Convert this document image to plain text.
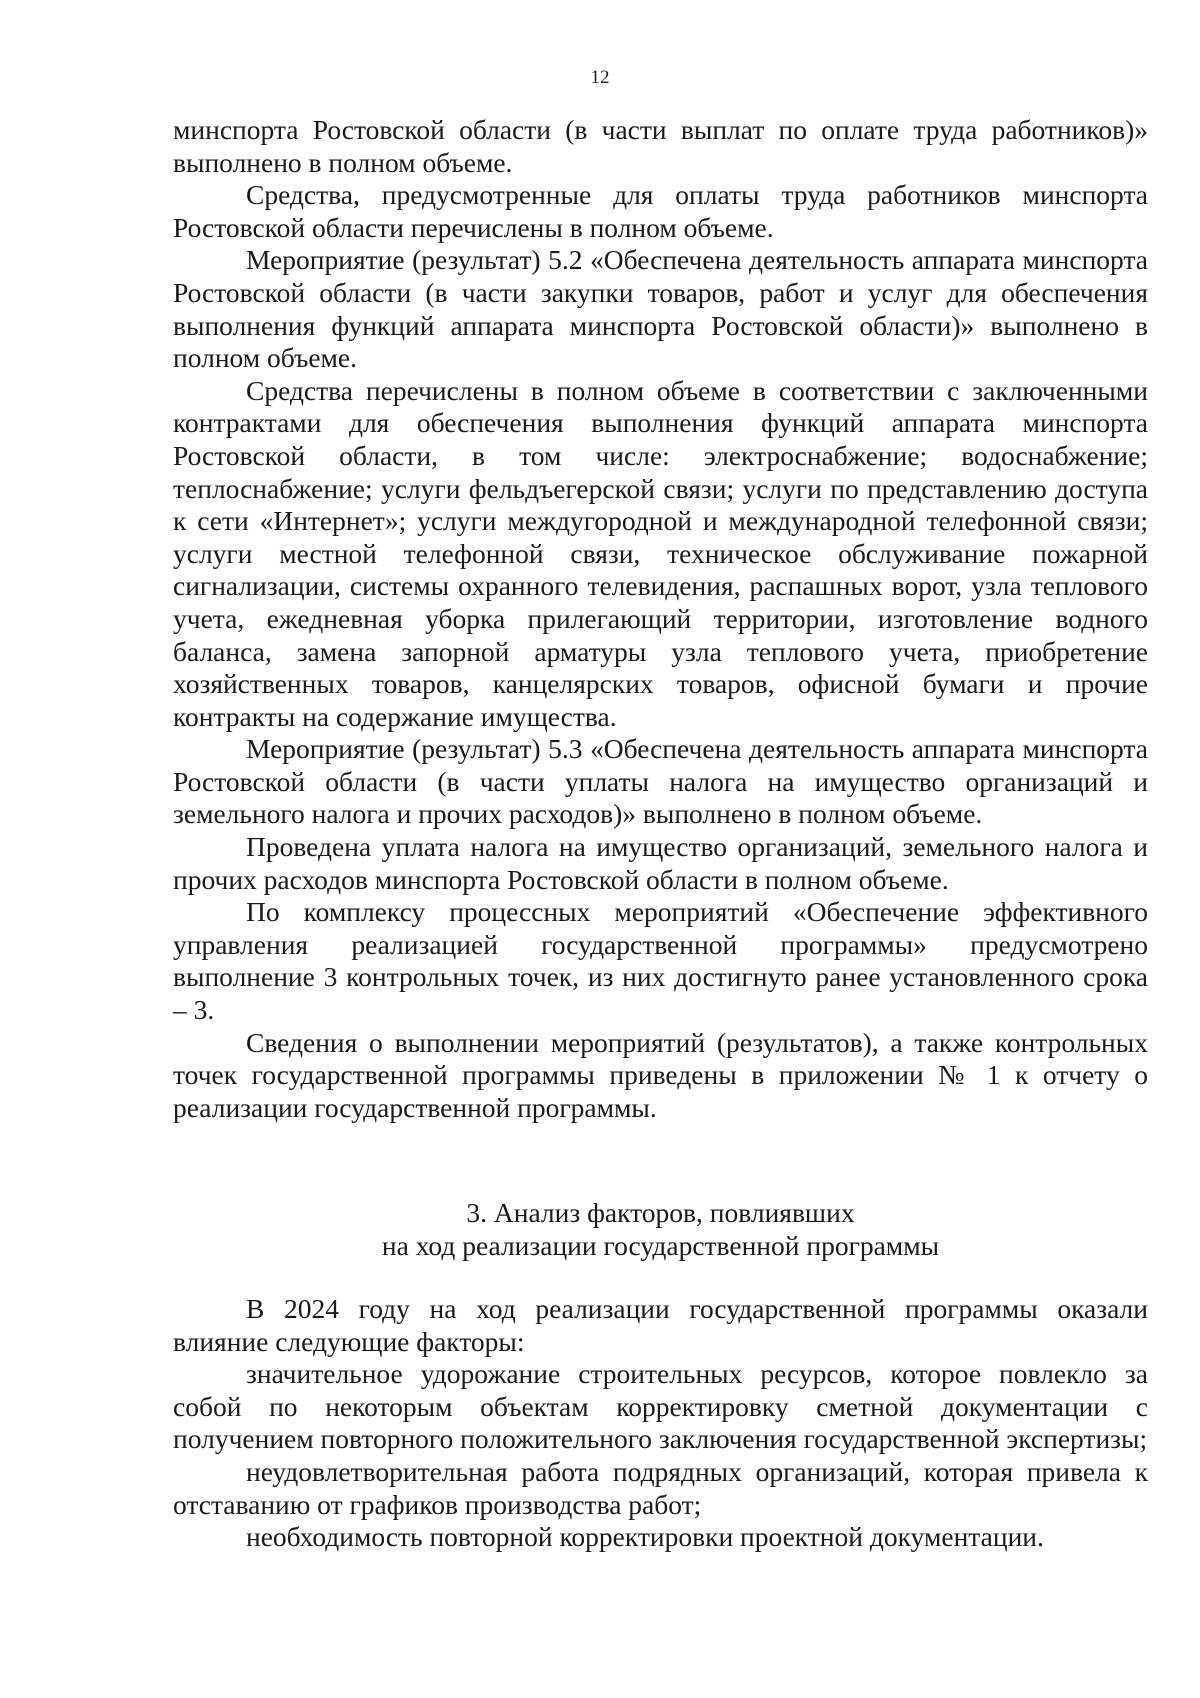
12

минспорта Ростовской области (в части выплат по оплате труда работников)» выполнено в полном объеме.

Средства, предусмотренные для оплаты труда работников минспорта Ростовской области перечислены в полном объеме.

Мероприятие (результат) 5.2 «Обеспечена деятельность аппарата минспорта Ростовской области (в части закупки товаров, работ и услуг для обеспечения выполнения функций аппарата минспорта Ростовской области)» выполнено в полном объеме.

Средства перечислены в полном объеме в соответствии с заключенными контрактами для обеспечения выполнения функций аппарата минспорта Ростовской области, в том числе: электроснабжение; водоснабжение; теплоснабжение; услуги фельдъегерской связи; услуги по представлению доступа к сети «Интернет»; услуги междугородной и международной телефонной связи; услуги местной телефонной связи, техническое обслуживание пожарной сигнализации, системы охранного телевидения, распашных ворот, узла теплового учета, ежедневная уборка прилегающий территории, изготовление водного баланса, замена запорной арматуры узла теплового учета, приобретение хозяйственных товаров, канцелярских товаров, офисной бумаги и прочие контракты на содержание имущества.

Мероприятие (результат) 5.3 «Обеспечена деятельность аппарата минспорта Ростовской области (в части уплаты налога на имущество организаций и земельного налога и прочих расходов)» выполнено в полном объеме.

Проведена уплата налога на имущество организаций, земельного налога и прочих расходов минспорта Ростовской области в полном объеме.

По комплексу процессных мероприятий «Обеспечение эффективного управления реализацией государственной программы» предусмотрено выполнение 3 контрольных точек, из них достигнуто ранее установленного срока – 3.

Сведения о выполнении мероприятий (результатов), а также контрольных точек государственной программы приведены в приложении № 1 к отчету о реализации государственной программы.

3. Анализ факторов, повлиявших
на ход реализации государственной программы

В 2024 году на ход реализации государственной программы оказали влияние следующие факторы:

значительное удорожание строительных ресурсов, которое повлекло за собой по некоторым объектам корректировку сметной документации с получением повторного положительного заключения государственной экспертизы;

неудовлетворительная работа подрядных организаций, которая привела к отставанию от графиков производства работ;

необходимость повторной корректировки проектной документации.
